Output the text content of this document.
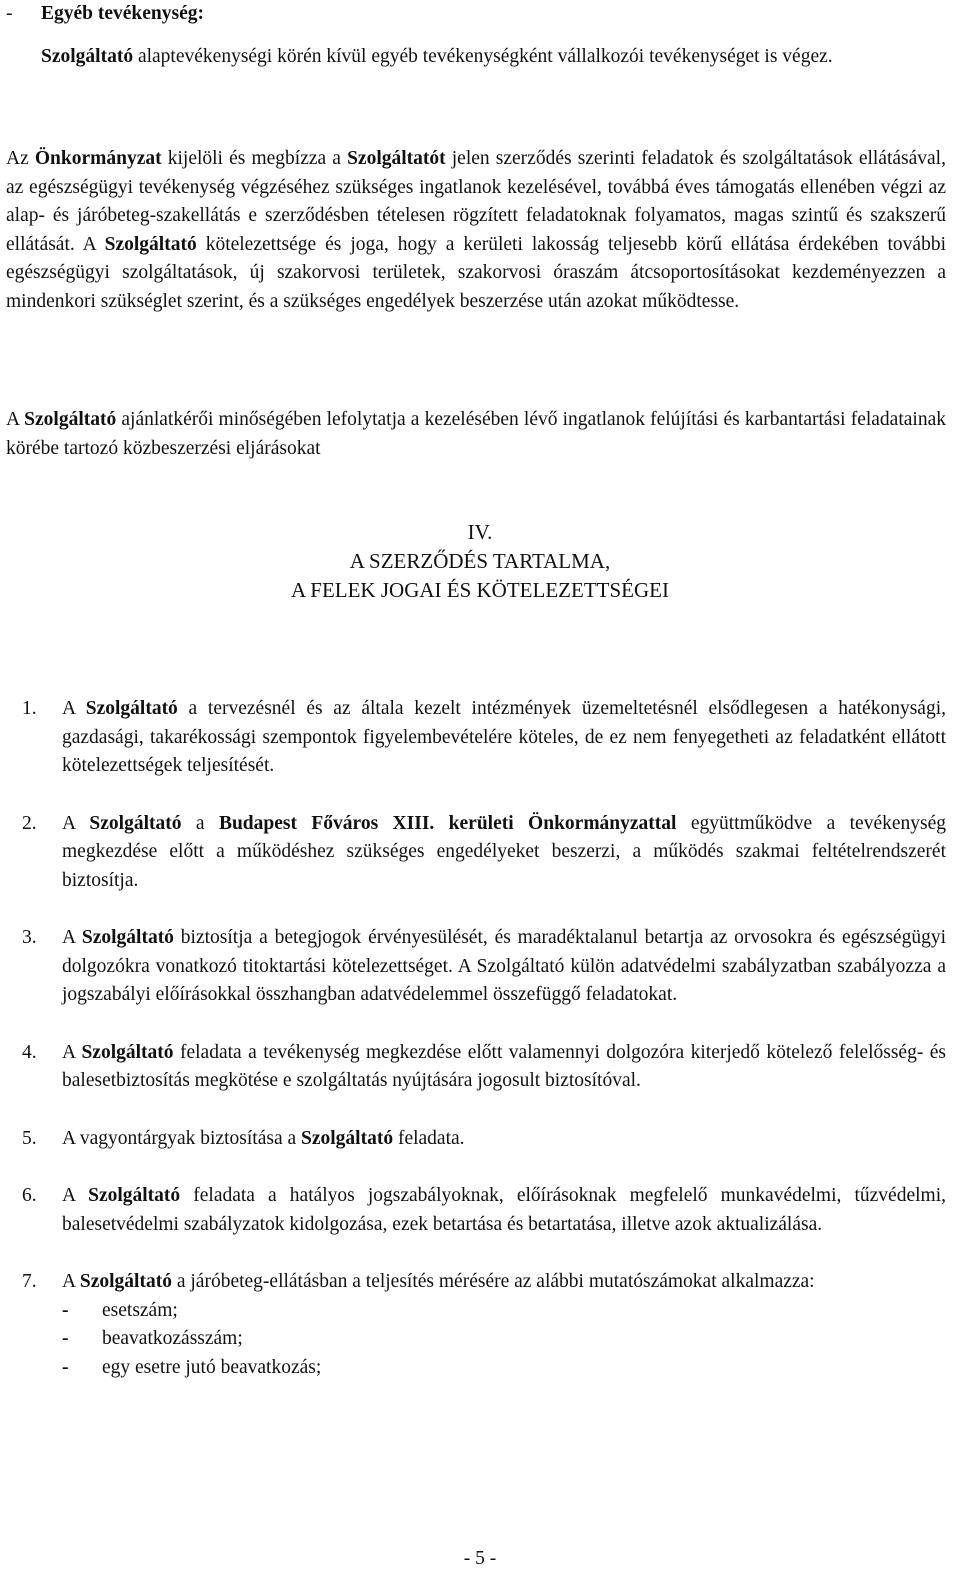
- Egyéb tevékenység:

Szolgáltató alaptevékenységi körén kívül egyéb tevékenységként vállalkozói tevékenységet is végez.

Az Önkormányzat kijelöli és megbízza a Szolgáltatót jelen szerződés szerinti feladatok és szolgáltatások ellátásával, az egészségügyi tevékenység végzéséhez szükséges ingatlanok kezelésével, továbbá éves támogatás ellenében végzi az alap- és járóbeteg-szakellátás e szerződésben tételesen rögzített feladatoknak folyamatos, magas szintű és szakszerű ellátását. A Szolgáltató kötelezettsége és joga, hogy a kerületi lakosság teljesebb körű ellátása érdekében további egészségügyi szolgáltatások, új szakorvosi területek, szakorvosi óraszám átcsoportosításokat kezdeményezzen a mindenkori szükséglet szerint, és a szükséges engedélyek beszerzése után azokat működtesse.

A Szolgáltató ajánlatkérői minőségében lefolytatja a kezelésében lévő ingatlanok felújítási és karbantartási feladatainak körébe tartozó közbeszerzési eljárásokat

IV.
A SZERZŐDÉS TARTALMA,
A FELEK JOGAI ÉS KÖTELEZETTSÉGEI
1. A Szolgáltató a tervezésnél és az általa kezelt intézmények üzemeltetésnél elsődlegesen a hatékonysági, gazdasági, takarékossági szempontok figyelembevételére köteles, de ez nem fenyegetheti az feladatként ellátott kötelezettségek teljesítését.

2. A Szolgáltató a Budapest Főváros XIII. kerületi Önkormányzattal együttműködve a tevékenység megkezdése előtt a működéshez szükséges engedélyeket beszerzi, a működés szakmai feltételrendszerét biztosítja.

3. A Szolgáltató biztosítja a betegjogok érvényesülését, és maradéktalanul betartja az orvosokra és egészségügyi dolgozókra vonatkozó titoktartási kötelezettséget. A Szolgáltató külön adatvédelmi szabályzatban szabályozza a jogszabályi előírásokkal összhangban adatvédelemmel összefüggő feladatokat.

4. A Szolgáltató feladata a tevékenység megkezdése előtt valamennyi dolgozóra kiterjedő kötelező felelősség- és balesetbiztosítás megkötése e szolgáltatás nyújtására jogosult biztosítóval.

5. A vagyontárgyak biztosítása a Szolgáltató feladata.

6. A Szolgáltató feladata a hatályos jogszabályoknak, előírásoknak megfelelő munkavédelmi, tűzvédelmi, balesetvédelmi szabályzatok kidolgozása, ezek betartása és betartatása, illetve azok aktualizálása.

7. A Szolgáltató a járóbeteg-ellátásban a teljesítés mérésére az alábbi mutatószámokat alkalmazza:

- esetszám;
- beavatkozásszám;
- egy esetre jutó beavatkozás;
- 5 -
